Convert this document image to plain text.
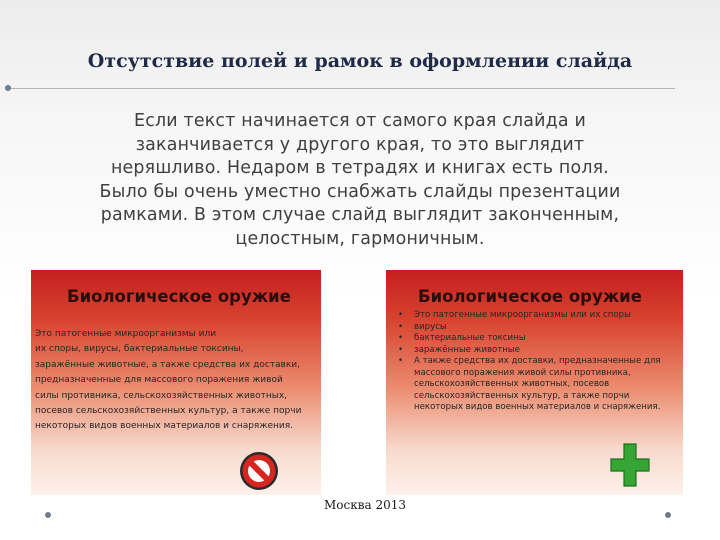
Отсутствие полей и рамок в оформлении слайда

Если текст начинается от самого края слайда и
заканчивается у другого края, то это выглядит
неряшливо. Недаром в тетрадях и книгах есть поля.
Было бы очень уместно снабжать слайды презентации
рамками. В этом случае слайд выглядит законченным,
целостным, гармоничным.

Биологическое оружие

Это патогенные микроорганизмы или
их споры, вирусы, бактериальные токсины,
заражённые животные, а также средства их доставки,
предназначенные для массового поражения живой
силы противника, сельскохозяйственных животных,
посевов сельскохозяйственных культур, а также порчи
некоторых видов военных материалов и снаряжения.

Биологическое оружие
• Это патогенные микроорганизмы или их споры
• вирусы
• бактериальные токсины
• заражённые животные
• А также средства их доставки, предназначенные для массового поражения живой силы противника, сельскохозяйственных животных, посевов сельскохозяйственных культур, а также порчи некоторых видов военных материалов и снаряжения.
Москва 2013
